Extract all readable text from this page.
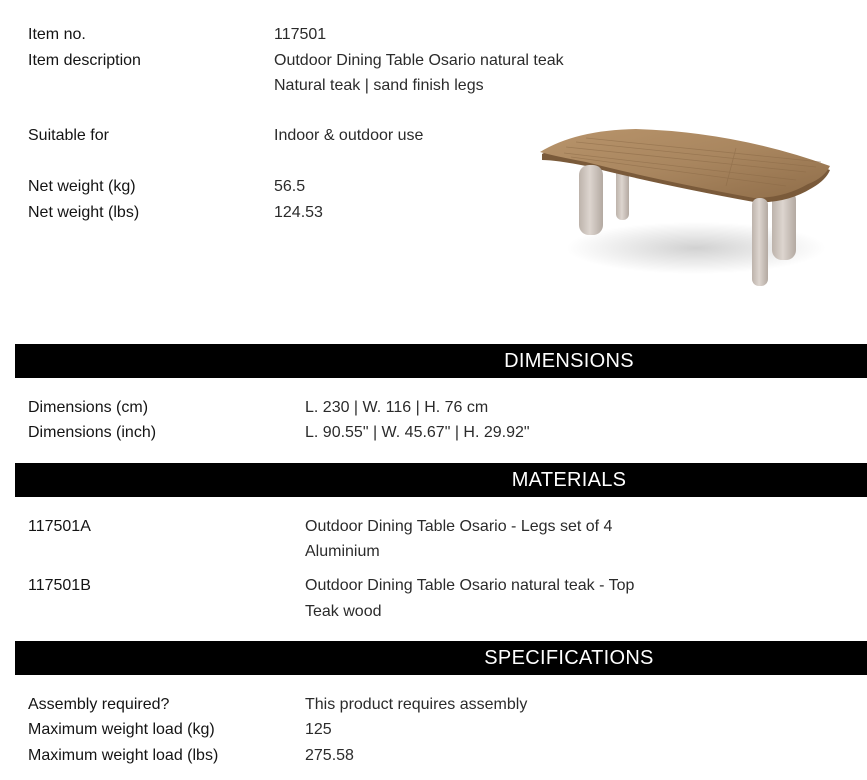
Item no.	117501
Item description	Outdoor Dining Table Osario natural teak
Natural teak | sand finish legs
Suitable for	Indoor & outdoor use
Net weight (kg)	56.5
Net weight (lbs)	124.53
DIMENSIONS
Dimensions (cm)	L. 230 | W. 116 | H. 76 cm
Dimensions (inch)	L. 90.55" | W. 45.67" | H. 29.92"
MATERIALS
117501A	Outdoor Dining Table Osario - Legs set of 4
Aluminium
117501B	Outdoor Dining Table Osario natural teak - Top
Teak wood
SPECIFICATIONS
Assembly required?	This product requires assembly
Maximum weight load (kg)	125
Maximum weight load (lbs)	275.58
